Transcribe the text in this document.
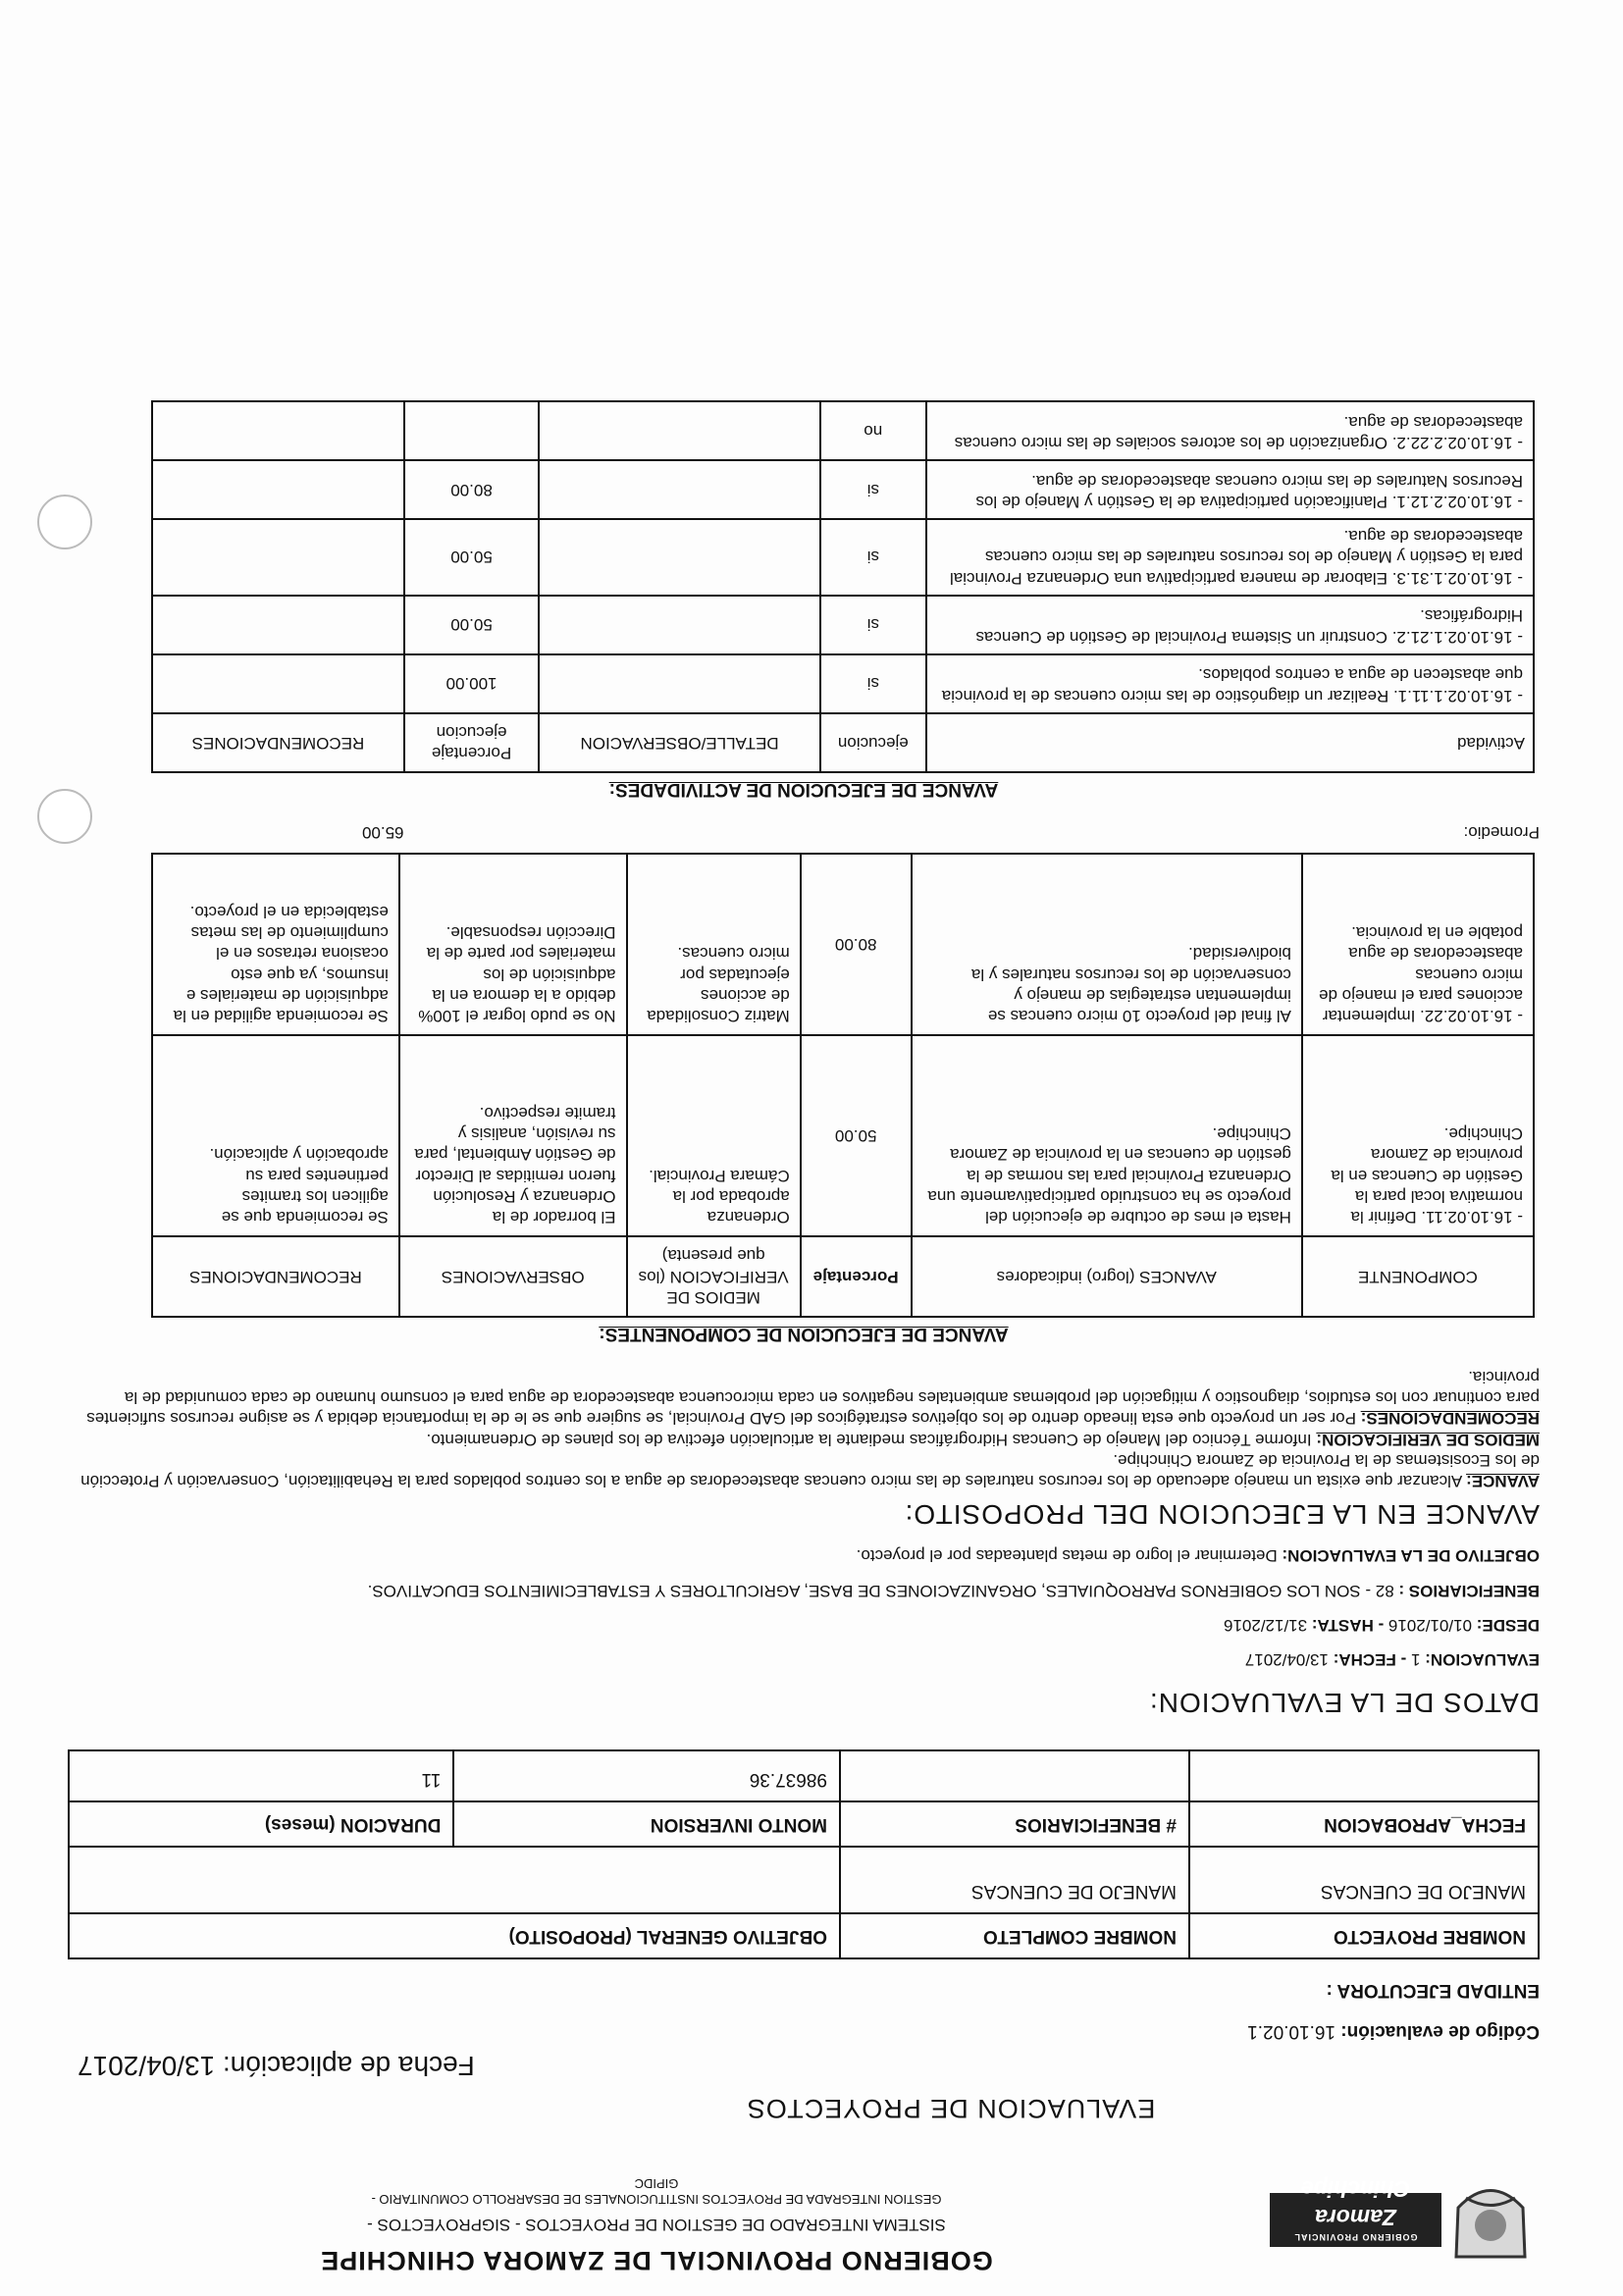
GOBIERNO PROVINCIAL
Zamora Chinchipe
GOBIERNO PROVINCIAL DE ZAMORA CHINCHIPE
SISTEMA INTEGRADO DE GESTION DE PROYECTOS - SIGPROYECTOS -
GESTION INTEGRADA DE PROYECTOS INSTITUCIONALES DE DESARROLLO COMUNITARIO -
GIPIDC
EVALUACION DE PROYECTOS
Fecha de aplicación: 13/04/2017
Código de evaluación: 16.10.02.1
ENTIDAD EJECUTORA :
NOMBRE PROYECTO	NOMBRE COMPLETO	OBJETIVO GENERAL (PROPOSITO)	
MANEJO DE CUENCAS	MANEJO DE CUENCAS		
FECHA_APROBACION	# BENEFICIARIOS	MONTO INVERSION	DURACION (meses)
		98637.36	11
DATOS DE LA EVALUACION:
EVALUACION: 1 - FECHA: 13/04/2017
DESDE: 01/01/2016 - HASTA: 31/12/2016
BENEFICIARIOS : 82 - SON LOS GOBIERNOS PARROQUIALES, ORGANIZACIONES DE BASE, AGRICULTORES Y ESTABLECIMIENTOS EDUCATIVOS.
OBJETIVO DE LA EVALUACION: Determinar el logro de metas planteadas por el proyecto.
AVANCE EN LA EJECUCION DEL PROPOSITO:
AVANCE: Alcanzar que exista un manejo adecuado de los recursos naturales de las micro cuencas abastecedoras de agua a los centros poblados para la Rehabilitación, Conservación y Protección de los Ecosistemas de la Provincia de Zamora Chinchipe.
MEDIOS DE VERIFICACION: Informe Técnico del Manejo de Cuencas Hidrográficas mediante la articulación efectiva de los planes de Ordenamiento.
RECOMENDACIONES: Por ser un proyecto que esta lineado dentro de los objetivos estratégicos del GAD Provincial, se sugiere que se le de la importancia debida y se asigne recursos suficientes para continuar con los estudios, diagnostico y mitigación del problemas ambientales negativos en cada microcuenca abastecedora de agua para el consumo humano de cada comunidad de la provincia.
AVANCE DE EJECUCION DE COMPONENTES:
COMPONENTE	AVANCES (logro) indicadores	Porcentaje	MEDIOS DE VERIFICACION (los que presenta)	OBSERVACIONES	RECOMENDACIONES
- 16.10.02.11. Definir la normativa local para la Gestión de Cuencas en la provincia de Zamora Chinchipe.	Hasta el mes de octubre de ejecución del proyecto se ha construido participativamente una Ordenanza Provincial para las normas de la gestión de cuencas en la provincia de Zamora Chinchipe.	50.00	Ordenanza aprobada por la Cámara Provincial.	El borrador de la Ordenanza y Resolución fueron remitidas al Director de Gestión Ambiental, para su revisión, analisis y tramite respectivo.	Se recomienda que se agilicen los tramites pertinentes para su aprobación y aplicación.
- 16.10.02.22. Implementar acciones para el manejo de micro cuencas abastecedoras de agua potable en la provincia.	Al final del proyecto 10 micro cuencas se implementan estrategias de manejo y conservación de los recursos naturales y la biodiversidad.	80.00	Matriz Consolidada de acciones ejecutadas por micro cuencas.	No se pudo lograr el 100% debido a la demora en la adquisición de los materiales por parte de la Dirección responsable.	Se recomienda agilidad en la adquisición de materiales e insumos, ya que esto ocasiona retrasos en el cumplimiento de las metas establecida en el proyecto.
Promedio:
65.00
AVANCE DE EJECUCION DE ACTIVIDADES:
Actividad	ejecucion	DETALLE/OBSERVACION	Porcentaje ejecucion	RECOMENDACIONES
- 16.10.02.1.11.1. Realizar un diagnóstico de las micro cuencas de la provincia que abastecen de agua a centros poblados.	si		100.00	
- 16.10.02.1.21.2. Construir un Sistema Provincial de Gestión de Cuencas Hidrográficas.	si		50.00	
- 16.10.02.1.31.3. Elaborar de manera participativa una Ordenanza Provincial para la Gestión y Manejo de los recursos naturales de las micro cuencas abastecedoras de agua.	si		50.00	
- 16.10.02.2.12.1. Planificación participativa de la Gestión y Manejo de los Recursos Naturales de las micro cuencas abastecedoras de agua.	si		80.00	
- 16.10.02.2.22.2. Organización de los actores sociales de las micro cuencas abastecedoras de agua.	no			
